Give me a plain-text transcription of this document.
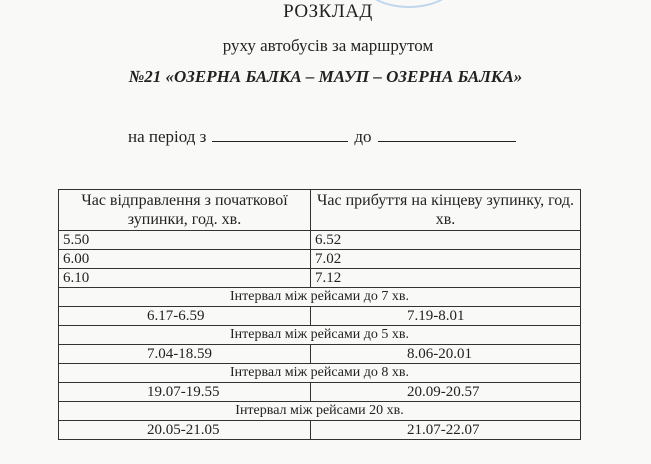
РОЗКЛАД
руху автобусів за маршрутом
№21 «ОЗЕРНА БАЛКА – МАУП – ОЗЕРНА БАЛКА»
на період з	до
Час відправлення з початкової зупинки, год. хв.	Час прибуття на кінцеву зупинку, год. хв.
5.50	6.52
6.00	7.02
6.10	7.12
Інтервал між рейсами до 7 хв.	
6.17-6.59	7.19-8.01
Інтервал між рейсами до 5 хв.	
7.04-18.59	8.06-20.01
Інтервал між рейсами до 8 хв.	
19.07-19.55	20.09-20.57
Інтервал між рейсами 20 хв.	
20.05-21.05	21.07-22.07
